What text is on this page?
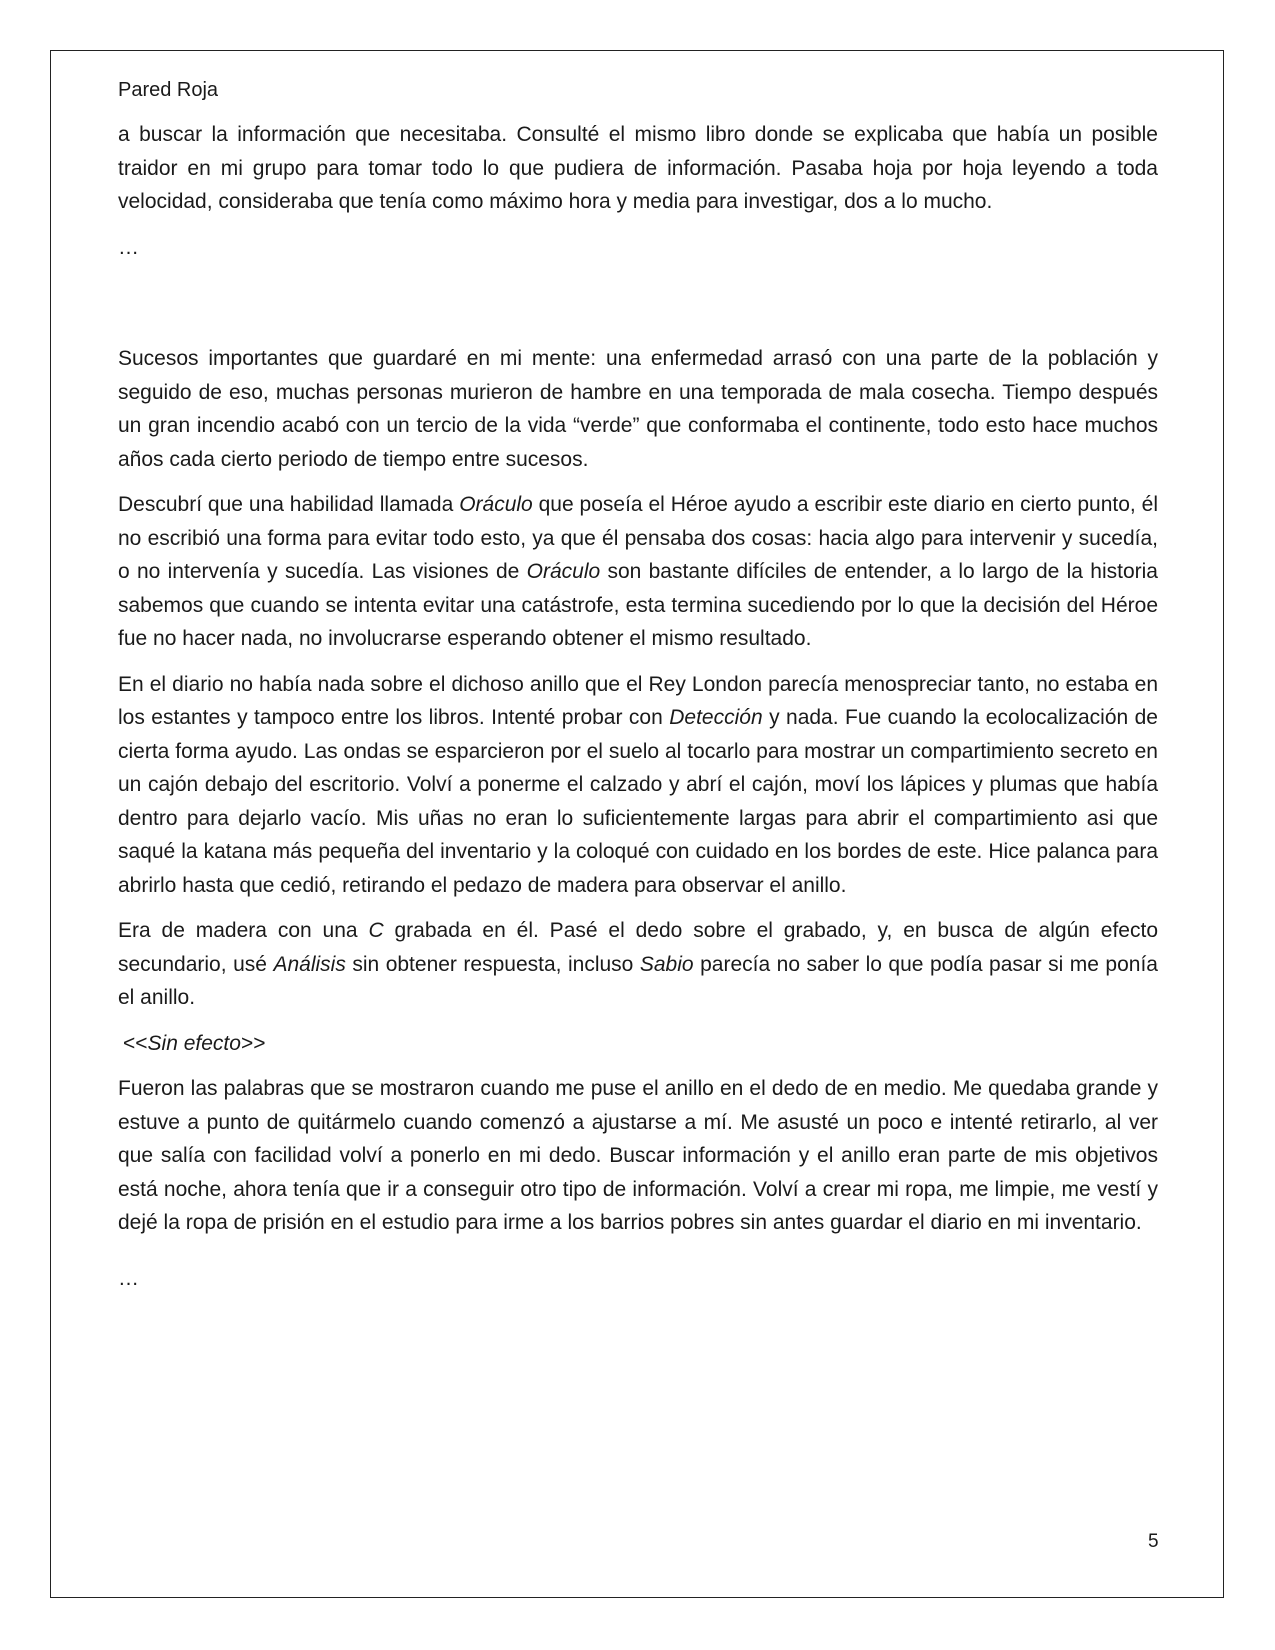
Pared Roja

a buscar la información que necesitaba. Consulté el mismo libro donde se explicaba que había un posible traidor en mi grupo para tomar todo lo que pudiera de información. Pasaba hoja por hoja leyendo a toda velocidad, consideraba que tenía como máximo hora y media para investigar, dos a lo mucho.

…

Sucesos importantes que guardaré en mi mente: una enfermedad arrasó con una parte de la población y seguido de eso, muchas personas murieron de hambre en una temporada de mala cosecha. Tiempo después un gran incendio acabó con un tercio de la vida “verde” que conformaba el continente, todo esto hace muchos años cada cierto periodo de tiempo entre sucesos.

Descubrí que una habilidad llamada Oráculo que poseía el Héroe ayudo a escribir este diario en cierto punto, él no escribió una forma para evitar todo esto, ya que él pensaba dos cosas: hacia algo para intervenir y sucedía, o no intervenía y sucedía. Las visiones de Oráculo son bastante difíciles de entender, a lo largo de la historia sabemos que cuando se intenta evitar una catástrofe, esta termina sucediendo por lo que la decisión del Héroe fue no hacer nada, no involucrarse esperando obtener el mismo resultado.

En el diario no había nada sobre el dichoso anillo que el Rey London parecía menospreciar tanto, no estaba en los estantes y tampoco entre los libros. Intenté probar con Detección y nada. Fue cuando la ecolocalización de cierta forma ayudo. Las ondas se esparcieron por el suelo al tocarlo para mostrar un compartimiento secreto en un cajón debajo del escritorio. Volví a ponerme el calzado y abrí el cajón, moví los lápices y plumas que había dentro para dejarlo vacío. Mis uñas no eran lo suficientemente largas para abrir el compartimiento asi que saqué la katana más pequeña del inventario y la coloqué con cuidado en los bordes de este. Hice palanca para abrirlo hasta que cedió, retirando el pedazo de madera para observar el anillo.

Era de madera con una C grabada en él. Pasé el dedo sobre el grabado, y, en busca de algún efecto secundario, usé Análisis sin obtener respuesta, incluso Sabio parecía no saber lo que podía pasar si me ponía el anillo.

<<Sin efecto>>

Fueron las palabras que se mostraron cuando me puse el anillo en el dedo de en medio. Me quedaba grande y estuve a punto de quitármelo cuando comenzó a ajustarse a mí. Me asusté un poco e intenté retirarlo, al ver que salía con facilidad volví a ponerlo en mi dedo. Buscar información y el anillo eran parte de mis objetivos está noche, ahora tenía que ir a conseguir otro tipo de información. Volví a crear mi ropa, me limpie, me vestí y dejé la ropa de prisión en el estudio para irme a los barrios pobres sin antes guardar el diario en mi inventario.

…

5
